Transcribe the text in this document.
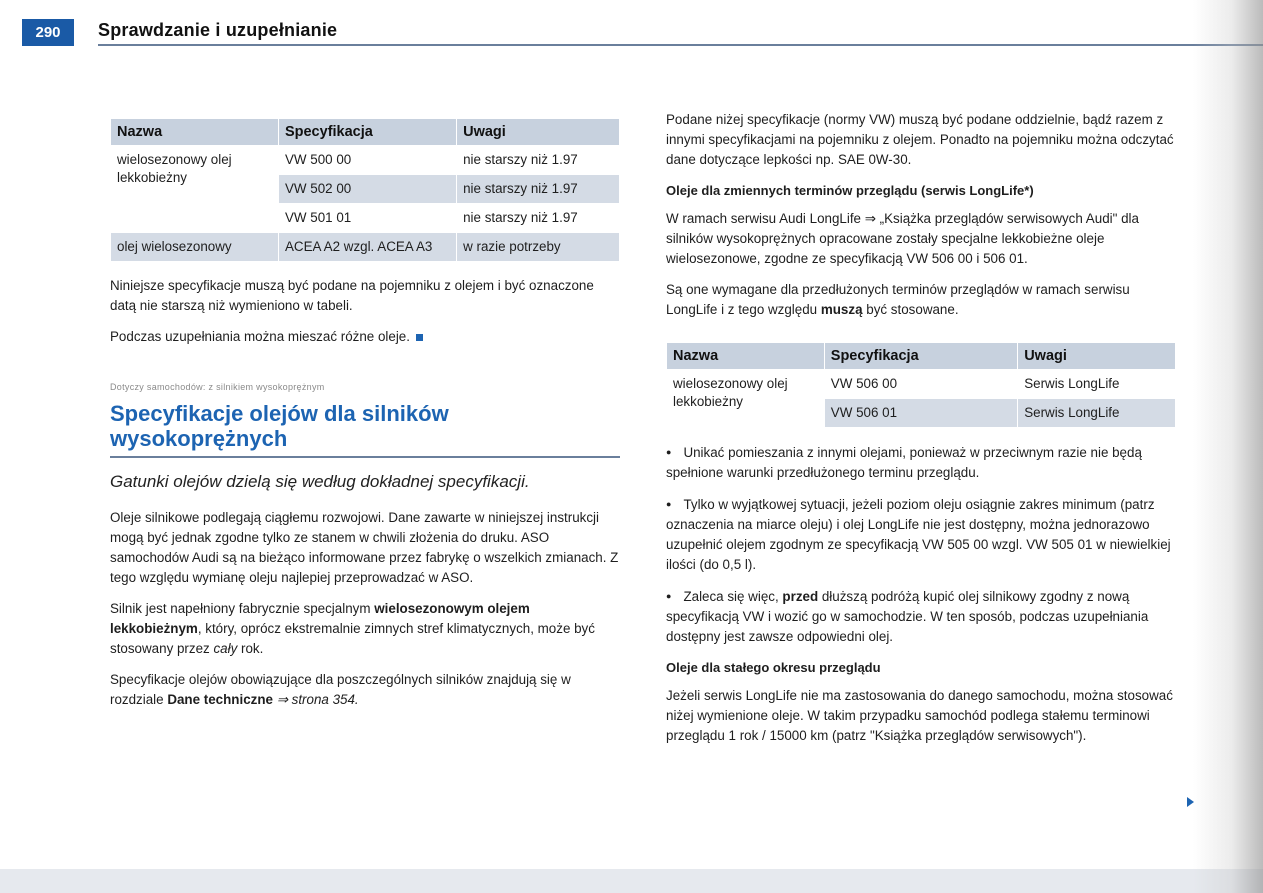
290	Sprawdzanie i uzupełnianie
Nazwa	Specyfikacja	Uwagi
wielosezonowy olej lekkobieżny	VW 500 00	nie starszy niż 1.97
	VW 502 00	nie starszy niż 1.97
	VW 501 01	nie starszy niż 1.97
olej wielosezonowy	ACEA A2 wzgl. ACEA A3	w razie potrzeby

Niniejsze specyfikacje muszą być podane na pojemniku z olejem i być oznaczone datą nie starszą niż wymieniono w tabeli.

Podczas uzupełniania można mieszać różne oleje.

Dotyczy samochodów: z silnikiem wysokoprężnym
Specyfikacje olejów dla silników wysokoprężnych
Gatunki olejów dzielą się według dokładnej specyfikacji.

Oleje silnikowe podlegają ciągłemu rozwojowi. Dane zawarte w niniejszej instrukcji mogą być jednak zgodne tylko ze stanem w chwili złożenia do druku. ASO samochodów Audi są na bieżąco informowane przez fabrykę o wszelkich zmianach. Z tego względu wymianę oleju najlepiej przeprowadzać w ASO.

Silnik jest napełniony fabrycznie specjalnym wielosezonowym olejem lekkobieżnym, który, oprócz ekstremalnie zimnych stref klimatycznych, może być stosowany przez cały rok.

Specyfikacje olejów obowiązujące dla poszczególnych silników znajdują się w rozdziale Dane techniczne ⇒ strona 354.

Podane niżej specyfikacje (normy VW) muszą być podane oddzielnie, bądź razem z innymi specyfikacjami na pojemniku z olejem. Ponadto na pojemniku można odczytać dane dotyczące lepkości np. SAE 0W-30.

Oleje dla zmiennych terminów przeglądu (serwis LongLife*)

W ramach serwisu Audi LongLife ⇒ „Książka przeglądów serwisowych Audi" dla silników wysokoprężnych opracowane zostały specjalne lekkobieżne oleje wielosezonowe, zgodne ze specyfikacją VW 506 00 i 506 01.

Są one wymagane dla przedłużonych terminów przeglądów w ramach serwisu LongLife i z tego względu muszą być stosowane.

Nazwa	Specyfikacja	Uwagi
wielosezonowy olej lekkobieżny	VW 506 00	Serwis LongLife
	VW 506 01	Serwis LongLife

● Unikać pomieszania z innymi olejami, ponieważ w przeciwnym razie nie będą spełnione warunki przedłużonego terminu przeglądu.

● Tylko w wyjątkowej sytuacji, jeżeli poziom oleju osiągnie zakres minimum (patrz oznaczenia na miarce oleju) i olej LongLife nie jest dostępny, można jednorazowo uzupełnić olejem zgodnym ze specyfikacją VW 505 00 wzgl. VW 505 01 w niewielkiej ilości (do 0,5 l).

● Zaleca się więc, przed dłuższą podróżą kupić olej silnikowy zgodny z nową specyfikacją VW i wozić go w samochodzie. W ten sposób, podczas uzupełniania dostępny jest zawsze odpowiedni olej.

Oleje dla stałego okresu przeglądu

Jeżeli serwis LongLife nie ma zastosowania do danego samochodu, można stosować niżej wymienione oleje. W takim przypadku samochód podlega stałemu terminowi przeglądu 1 rok / 15000 km (patrz "Książka przeglądów serwisowych").
